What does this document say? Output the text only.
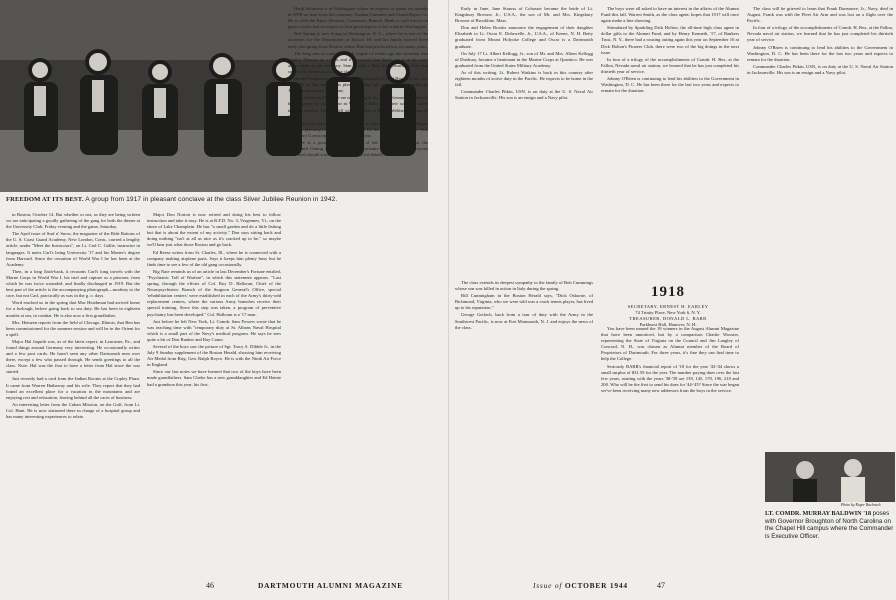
FREEDOM AT ITS BEST. A group from 1917 in pleasant conclave at the class Silver Jubilee Reunion in 1942.

in Boston, October 14. But whether or not, as they are being written we are anticipating a goodly gathering of the gang for both the dinner at the University Club, Friday evening and the game, Saturday.

The April issue of Surf n' Snow, the magazine of the Ride Rations of the U. S. Coast Guard Academy, New London, Conn., carried a lengthy article, under "Meet the Instructors", on Lt. Carl C. Gallie, instructor in languages. It notes Carl's being University '17 and his Master's degree from Harvard. Since the cessation of World War I he has been at the Academy.

Then, in a long flash-back, it recounts Carl's long travels with the Marne Corps in World War I, his trial and capture as a prisoner, from which he was twice wounded, and finally discharged in 1919. But the best part of the article is the accompanying photograph—modesty to the core, but not Carl, practically as was in the g. o. days.

Word reached us in the spring that Mac Heathman had arrived home for a furlough, before going back to sea duty. He has been in eighteen months at sea, in combat. He is also now a first grandfather.

Mrs. Heinzen reports from the field of Chicago, Illinois, that Ben has been commissioned for the summer session and will be in the Orient for a spell.

Major Hal Jaquith was, as of the latest report, in Lancaster, Pa., and found things around Germany very interesting. He occasionally writes and a few post cards. He hasn't seen any other Dartmouth men over there, except a few who passed through. He sends greetings to all the class. Note: Hal was the first to have a letter from Hal since the war started.

Just recently had a card from the Indian Rooms at the Copley Plaza. It came from Warren Hathaway and his wife. They report that they had found an excellent place for a vacation in the mountains and are enjoying rest and relaxation, leaving behind all the cares of business.

An interesting letter from the Cuban Mission, on the Gulf, from Lt. Col. Hunt. He is now stationed there in charge of a hospital group and has many interesting experiences to relate.

Major Don Norton is now retired and doing his best to follow instruction and take it easy. He is at R.F.D. No. 3, Vergennes, Vt., on the shore of Lake Champlain. He has "a small garden and do a little fishing but that is about the extent of my activity." Don says sitting back and doing nothing "isn't at all as nice as it's cracked up to be," so maybe we'll hear just what those Boston and go back.

Ed Reese writes from St. Charles, Ill., where he is connected with a company making airplane parts. Says it keeps him plenty busy but he finds time to see a few of the old gang occasionally.

Big Nate reminds us of an article in last December's Fortune entitled, "Psychiatric Toll of Warfare", in which this statement appears. "Last spring, through the efforts of Col. Roy D. Halloran, Chief of the Neuropsychiatric Branch of the Surgeon General's Office, special 'rehabilitation centers' were established in each of the Army's thirty-odd replacement centers, where the various Army branches receive their special training. Since this step was taken, a program of preventive psychiatry has been developed." Col. Halloran is a '17 man.

Just before he left New York, Lt. Comdr. Sam Powers wrote that he was teaching time with "temporary duty at St. Albans Naval Hospital which is a small part of the Navy's medical program. He says he sees quite a bit of Don Bunker and Ray Crane.

Several of the boys saw the picture of Sgt. Tracy A. Dibble Jr., in the July 9 Sunday supplement of the Boston Herald, showing him receiving Air Medal from Brig. Gen. Ralph Royce. He is with the Ninth Air Force in England.

Since our last notes we have learned that two of the boys have been made grandfathers. Sam Clarke has a new granddaughter and Ed Heinie had a grandson this year, his first.

Hank Sollmann is in Washington where he expects to spend six months in WPB on loan from his company, Nashua Gummed and Coated Paper Co. He is with the Paper Division, Containers Branch. Hank is well known in paper circles and we expect to hear good reports of his work in Washington.

Bob Spring is now living in Washington, D. C., where he is one of the attorneys for the Department of Justice. He and his family moved there early this spring from Boston, where Bob had practiced law for many years.

The long arm of coincidence: A couple of weeks ago the secretary met Stanley Hinman on a train, and it developed that Stan's son is in the same army camp as our own boy. Stan is with a New York insurance firm and sends best wishes to all of the class.

Harold Vaughan is secretary of the Dartmouth Club of Hartford this year and tells us that the club is planning a big fall program. Hal is with the Travelers Insurance Company.

Dick Jewell and his wife are now living at the Hotel Kenmore in Boston, having given up their house in Wellesley Hills after their son was called into the service. Dick is still with the firm of Paine, Webber, Jackson & Curtis.

A note from Al Hawley says he spent a week at Squam Lake in August and was planning to come up to Hanover for the Reunion. He is now with the Sperry Gyroscope Company in Brooklyn.

There is a possibility that several of the class will gather at the Dartmouth Outing Club Cabin on Moosilauke in late October. Anyone interested should write Bill Cunningham for details.

46	DARTMOUTH ALUMNI MAGAZINE

Early in June, Jane Strauss of Cohasset became the bride of Lt. Kingsbury Browne, Jr., U.S.A., the son of Mr. and Mrs. Kingsbury Browne of Brookline, Mass.

Don and Helen Brooks announce the engagement of their daughter Elizabeth to Lt. Oscar E. Dohrwelle, Jr., U.S.A., of Keene, N. H. Betty graduated from Mount Holyoke College and Oscar is a Dartmouth graduate.

On July 17 Lt. Albert Kellogg, Jr., son of Mr. and Mrs. Albert Kellogg of Duxbury, became a lieutenant in the Marine Corps at Quantico. He was graduated from the United States Military Academy.

As of this writing, Lt. Robert Watkins is back in this country after eighteen months of active duty in the Pacific. He expects to be home in the fall.

Commander Charles Pitkin, USN, is on duty at the U. S. Naval Air Station in Jacksonville. His son is an ensign and a Navy pilot.

The boys were all asked to have an interest in the affairs of the Alumni Fund this fall. Warren Smith, as the class agent, hopes that 1917 will once again make a fine showing.

Stimulated by Sparkling Dick Holton, the all-time high class agent in dollar gifts to the Alumni Fund, and by Henry Kenneth, '17, of Bankers Trust, N. Y., there had a rousing outing again this year on September 16 at Dick Holton's Pioneer Club, there were two of the big doings in the next issue.

In four of a trilogy of the accomplishments of Comdr. H. Rex, at the Fallon, Nevada naval air station, we learned that he has just completed his thirtieth year of service.

Johnny O'Brien is continuing to lend his abilities to the Government in Washington, D. C. He has been there for the last two years and expects to remain for the duration.

The class extends its deepest sympathy to the family of Bob Cummings whose son was killed in action in Italy during the spring.

Bill Cunningham in the Boston Herald says, "Dick Osborne, of Richmond, Virginia, who we were told was a crack tennis player, has lived up to his reputation."

George Gerlach, back from a tour of duty with the Army in the Southwest Pacific, is now at Fort Monmouth, N. J. and enjoys the news of the class.

The class will be grieved to learn that Frank Dunsmore, Jr., Navy, died in August. Frank was with the Fleet Air Arm and was lost on a flight over the Pacific.

In four of a trilogy of the accomplishments of Comdr. H. Rex, at the Fallon, Nevada naval air station, we learned that he has just completed his thirtieth year of service.

Johnny O'Brien is continuing to lend his abilities to the Government in Washington, D. C. He has been there for the last two years and expects to remain for the duration.

Commander Charles Pitkin, USN, is on duty at the U. S. Naval Air Station in Jacksonville. His son is an ensign and a Navy pilot.

1918
SECRETARY, ERNEST H. EARLEY
74 Trinity Place, New York 6, N. Y.
TREASURER, DONALD L. BARR
Parkhurst Hall, Hanover, N. H.

You have been named the 18 winners in the August Alumni Magazine that have been unnoticed, but by a comparison Charlie Wooster, representing the State of Virginia on the Council and Jim Langley of Concord, N. H., was chosen as Alumni member of the Board of Proprietors of Dartmouth. For three years, it's fine they can find time to help the College.

Seriously BARR's financial report of '18 for the year '43-'44 shows a small surplus of $31.59 for the year. The number paying dues over the last few years, starting with the years '38-'39 are 139, 145, 170, 196, 210 and 200. Who will be the first to send his dues for '44-'45? Since the war began we've been receiving many new addresses from the boys in the service.

Photo by Roger Bachrach
LT. COMDR. MURRAY BALDWIN '18 poses with Governor Broughton of North Carolina on the Chapel Hill campus where the Commander is Executive Officer.
Issue of OCTOBER 1944	47
